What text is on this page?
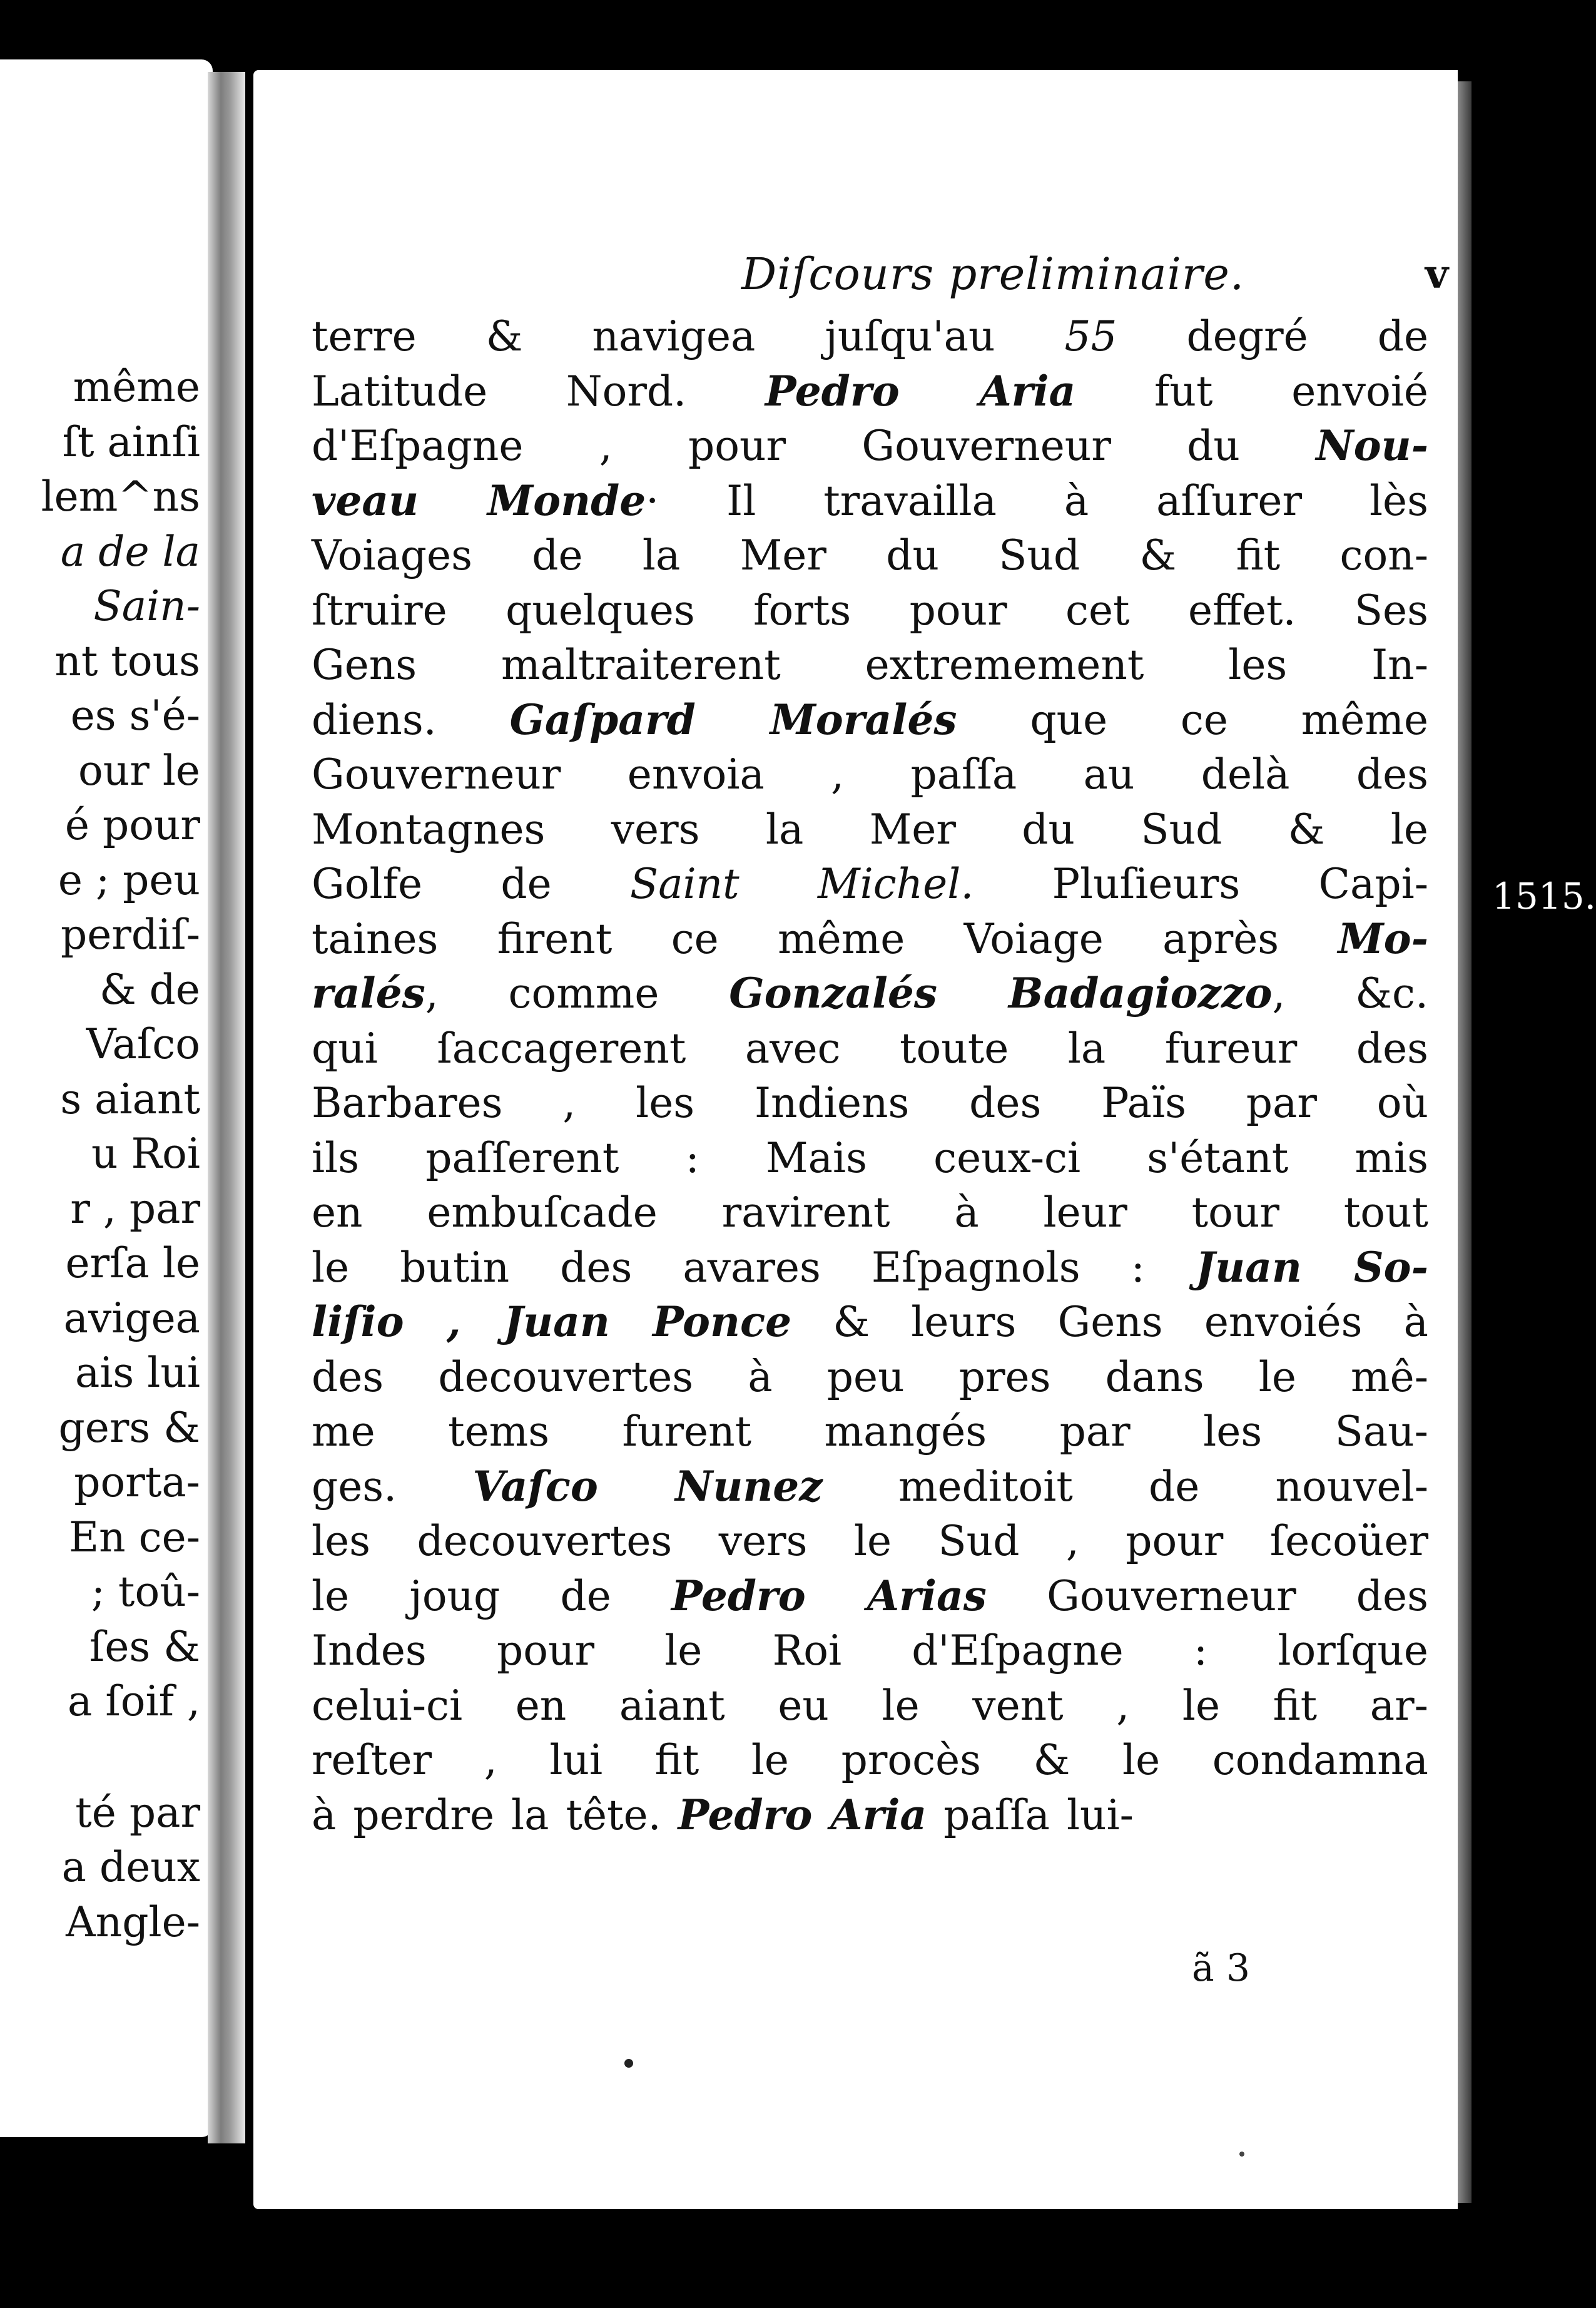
même
ſt ainſi
lem^ns
a de la
Sain-
nt tous
es s'é-
our le
é pour
e ; peu
perdiſ-
& de
Vaſco
s aiant
u Roi
r , par
erſa le
avigea
ais lui
gers &
porta-
En ce-
; toû-
ſes &
a ſoif ,
té par
a deux
Angle-
Diſcours preliminaire.	v
terre & navigea juſqu'au 55 degré de
Latitude Nord. Pedro Aria fut envoié
d'Eſpagne , pour Gouverneur du Nou-
veau Monde· Il travailla à aſſurer lès
Voiages de la Mer du Sud & fit con-
ſtruire quelques forts pour cet effet. Ses
Gens maltraiterent extremement les In-
diens. Gaſpard Moralés que ce même
Gouverneur envoia , paſſa au delà des
Montagnes vers la Mer du Sud & le
Golfe de Saint Michel. Pluſieurs Capi-
taines firent ce même Voiage après Mo-
ralés, comme Gonzalés Badagiozzo, &c.
qui ſaccagerent avec toute la fureur des
Barbares , les Indiens des Païs par où
ils paſſerent : Mais ceux-ci s'étant mis
en embuſcade ravirent à leur tour tout
le butin des avares Eſpagnols : Juan So-
liſio , Juan Ponce & leurs Gens envoiés à
des decouvertes à peu pres dans le mê-
me tems furent mangés par les Sau-
ges. Vaſco Nunez meditoit de nouvel-
les decouvertes vers le Sud , pour ſecoüer
le joug de Pedro Arias Gouverneur des
Indes pour le Roi d'Eſpagne : lorſque
celui-ci en aiant eu le vent , le fit ar-
reſter , lui fit le procès & le condamna
à perdre la tête. Pedro Aria paſſa lui-
ã 3
1515.
